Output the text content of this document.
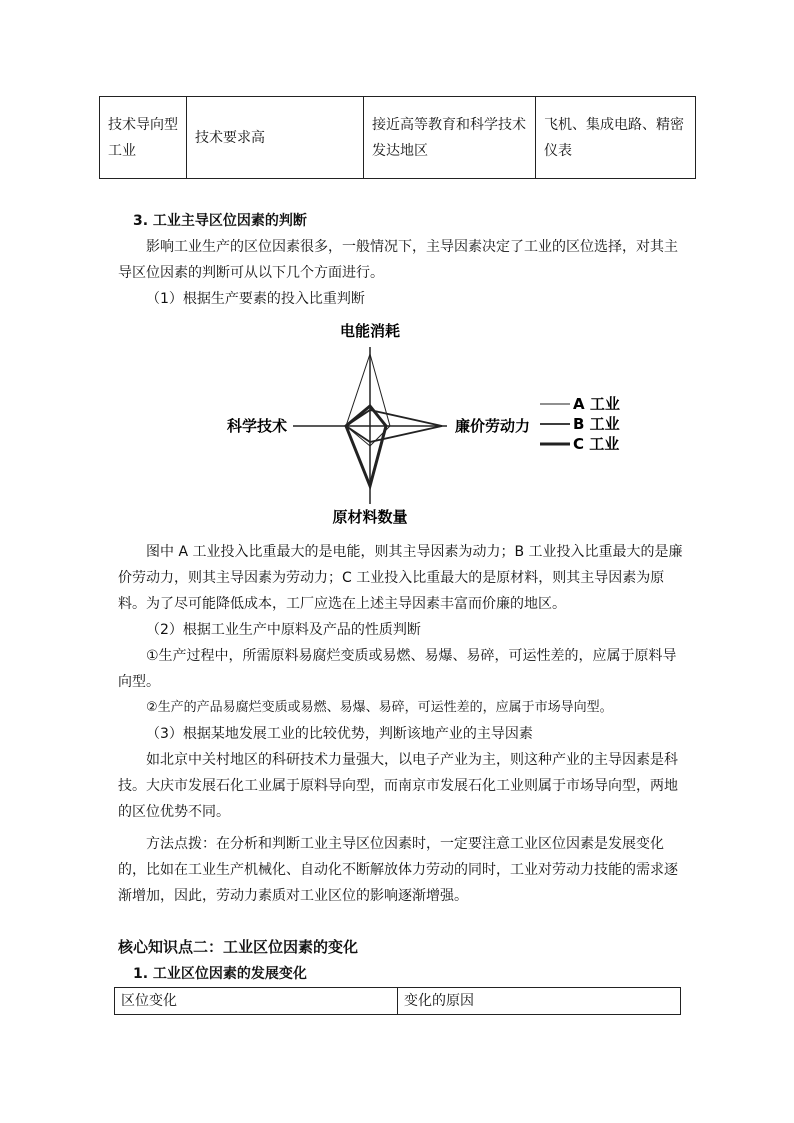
技术导向型工业	技术要求高	接近高等教育和科学技术发达地区	飞机、集成电路、精密仪表
3. 工业主导区位因素的判断
影响工业生产的区位因素很多，一般情况下，主导因素决定了工业的区位选择，对其主导区位因素的判断可从以下几个方面进行。
（1）根据生产要素的投入比重判断
电能消耗
廉价劳动力
原材料数量
科学技术
A 工业
B 工业
C 工业
图中 A 工业投入比重最大的是电能，则其主导因素为动力；B 工业投入比重最大的是廉价劳动力，则其主导因素为劳动力；C 工业投入比重最大的是原材料，则其主导因素为原料。为了尽可能降低成本，工厂应选在上述主导因素丰富而价廉的地区。
（2）根据工业生产中原料及产品的性质判断
①生产过程中，所需原料易腐烂变质或易燃、易爆、易碎，可运性差的，应属于原料导向型。
②生产的产品易腐烂变质或易燃、易爆、易碎，可运性差的，应属于市场导向型。
（3）根据某地发展工业的比较优势，判断该地产业的主导因素
如北京中关村地区的科研技术力量强大，以电子产业为主，则这种产业的主导因素是科技。大庆市发展石化工业属于原料导向型，而南京市发展石化工业则属于市场导向型，两地的区位优势不同。
方法点拨：在分析和判断工业主导区位因素时，一定要注意工业区位因素是发展变化的，比如在工业生产机械化、自动化不断解放体力劳动的同时，工业对劳动力技能的需求逐渐增加，因此，劳动力素质对工业区位的影响逐渐增强。
核心知识点二：工业区位因素的变化
1. 工业区位因素的发展变化
区位变化	变化的原因
